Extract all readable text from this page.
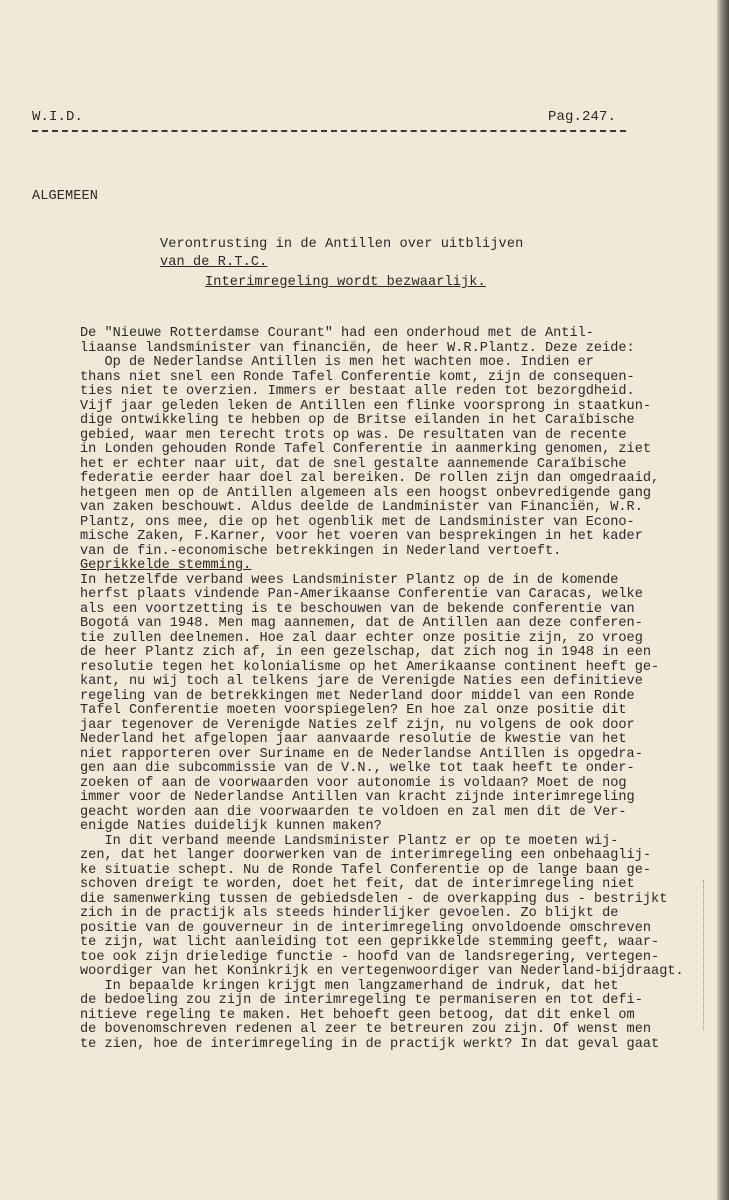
W.I.D.	Pag.247.
ALGEMEEN
Verontrusting in de Antillen over uitblijven
van de R.T.C.
Interimregeling wordt bezwaarlijk.
De "Nieuwe Rotterdamse Courant" had een onderhoud met de Antil-
liaanse landsminister van financiën, de heer W.R.Plantz. Deze zeide:
Op de Nederlandse Antillen is men het wachten moe. Indien er
thans niet snel een Ronde Tafel Conferentie komt, zijn de consequen-
ties niet te overzien. Immers er bestaat alle reden tot bezorgdheid.
Vijf jaar geleden leken de Antillen een flinke voorsprong in staatkun-
dige ontwikkeling te hebben op de Britse eilanden in het Caraïbische
gebied, waar men terecht trots op was. De resultaten van de recente
in Londen gehouden Ronde Tafel Conferentie in aanmerking genomen, ziet
het er echter naar uit, dat de snel gestalte aannemende Caraïbische
federatie eerder haar doel zal bereiken. De rollen zijn dan omgedraaid,
hetgeen men op de Antillen algemeen als een hoogst onbevredigende gang
van zaken beschouwt. Aldus deelde de Landminister van Financiën, W.R.
Plantz, ons mee, die op het ogenblik met de Landsminister van Econo-
mische Zaken, F.Karner, voor het voeren van besprekingen in het kader
van de fin.-economische betrekkingen in Nederland vertoeft.
Geprikkelde stemming.
In hetzelfde verband wees Landsminister Plantz op de in de komende
herfst plaats vindende Pan-Amerikaanse Conferentie van Caracas, welke
als een voortzetting is te beschouwen van de bekende conferentie van
Bogotá van 1948. Men mag aannemen, dat de Antillen aan deze conferen-
tie zullen deelnemen. Hoe zal daar echter onze positie zijn, zo vroeg
de heer Plantz zich af, in een gezelschap, dat zich nog in 1948 in een
resolutie tegen het kolonialisme op het Amerikaanse continent heeft ge-
kant, nu wij toch al telkens jare de Verenigde Naties een definitieve
regeling van de betrekkingen met Nederland door middel van een Ronde
Tafel Conferentie moeten voorspiegelen? En hoe zal onze positie dit
jaar tegenover de Verenigde Naties zelf zijn, nu volgens de ook door
Nederland het afgelopen jaar aanvaarde resolutie de kwestie van het
niet rapporteren over Suriname en de Nederlandse Antillen is opgedra-
gen aan die subcommissie van de V.N., welke tot taak heeft te onder-
zoeken of aan de voorwaarden voor autonomie is voldaan? Moet de nog
immer voor de Nederlandse Antillen van kracht zijnde interimregeling
geacht worden aan die voorwaarden te voldoen en zal men dit de Ver-
enigde Naties duidelijk kunnen maken?
In dit verband meende Landsminister Plantz er op te moeten wij-
zen, dat het langer doorwerken van de interimregeling een onbehaaglij-
ke situatie schept. Nu de Ronde Tafel Conferentie op de lange baan ge-
schoven dreigt te worden, doet het feit, dat de interimregeling niet
die samenwerking tussen de gebiedsdelen - de overkapping dus - bestrijkt
zich in de practijk als steeds hinderlijker gevoelen. Zo blijkt de
positie van de gouverneur in de interimregeling onvoldoende omschreven
te zijn, wat licht aanleiding tot een geprikkelde stemming geeft, waar-
toe ook zijn drieledige functie - hoofd van de landsregering, vertegen-
woordiger van het Koninkrijk en vertegenwoordiger van Nederland-bijdraagt.
In bepaalde kringen krijgt men langzamerhand de indruk, dat het
de bedoeling zou zijn de interimregeling te permaniseren en tot defi-
nitieve regeling te maken. Het behoeft geen betoog, dat dit enkel om
de bovenomschreven redenen al zeer te betreuren zou zijn. Of wenst men
te zien, hoe de interimregeling in de practijk werkt? In dat geval gaat
